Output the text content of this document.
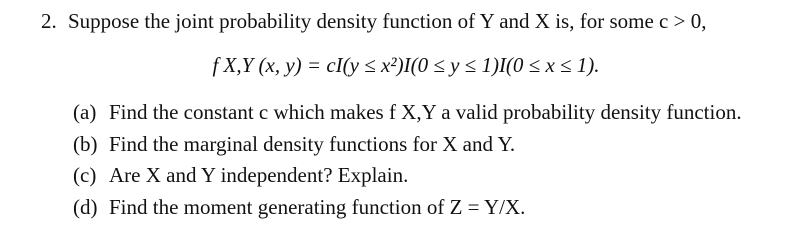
2. Suppose the joint probability density function of Y and X is, for some c > 0,
f X,Y (x, y) = cI(y ≤ x²)I(0 ≤ y ≤ 1)I(0 ≤ x ≤ 1).
(a) Find the constant c which makes f X,Y a valid probability density function.
(b) Find the marginal density functions for X and Y.
(c) Are X and Y independent? Explain.
(d) Find the moment generating function of Z = Y/X.
